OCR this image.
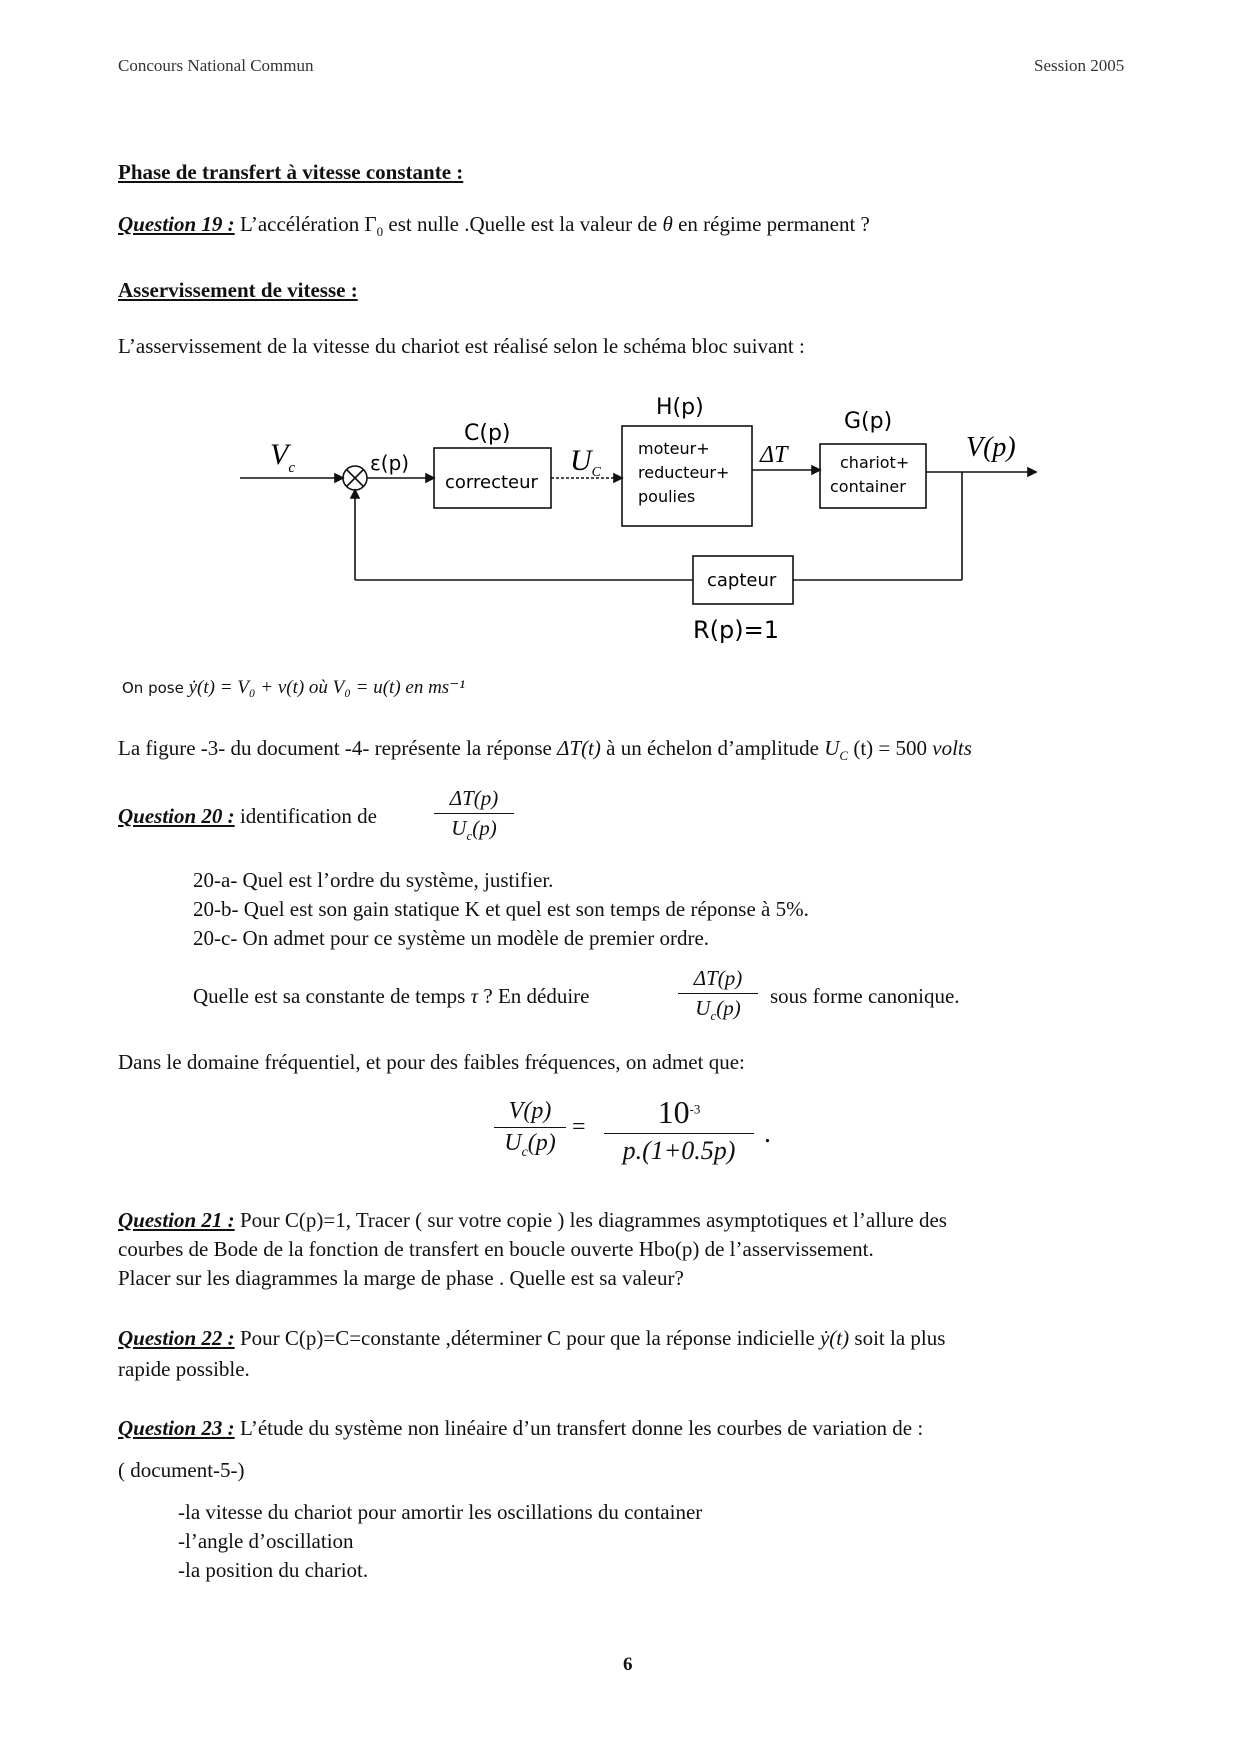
Concours National Commun	Session 2005
Phase de transfert à vitesse constante :
Question 19 : L’accélération $\Gamma_0$ est nulle .Quelle est la valeur de θ en régime permanent ?
Asservissement de vitesse :
L’asservissement de la vitesse du chariot est réalisé selon le schéma bloc suivant :
$V_c$	ε(p)
C(p)
correcteur
$U_C$
H(p)
moteur+
reducteur+
poulies
ΔT
G(p)
chariot+
container
V(p)
capteur
R(p)=1
On pose ẏ(t) = V₀ + v(t) où V₀ = u(t) en ms⁻¹
La figure -3- du document -4- représente la réponse ΔT(t) à un échelon d’amplitude $U_C$ (t) = 500 volts
Question 20 : identification de
ΔT(p)
$U_c(p)$
20-a- Quel est l’ordre du système, justifier.
20-b- Quel est son gain statique K et quel est son temps de réponse à 5%.
20-c- On admet pour ce système un modèle de premier ordre.
Quelle est sa constante de temps τ ? En déduire
ΔT(p)
$U_c(p)$	sous forme canonique.
Dans le domaine fréquentiel, et pour des faibles fréquences, on admet que:
V(p)
$U_c(p)$
=	$10^{-3}$
p.(1+0.5p)
.
Question 21 : Pour C(p)=1, Tracer ( sur votre copie ) les diagrammes asymptotiques et l’allure des
courbes de Bode de la fonction de transfert en boucle ouverte Hbo(p) de l’asservissement.
Placer sur les diagrammes la marge de phase . Quelle est sa valeur?
Question 22 : Pour C(p)=C=constante ,déterminer C pour que la réponse indicielle ẏ(t) soit la plus
rapide possible.
Question 23 : L’étude du système non linéaire d’un transfert donne les courbes de variation de :
( document-5-)
-la vitesse du chariot pour amortir les oscillations du container
-l’angle d’oscillation
-la position du chariot.
6
